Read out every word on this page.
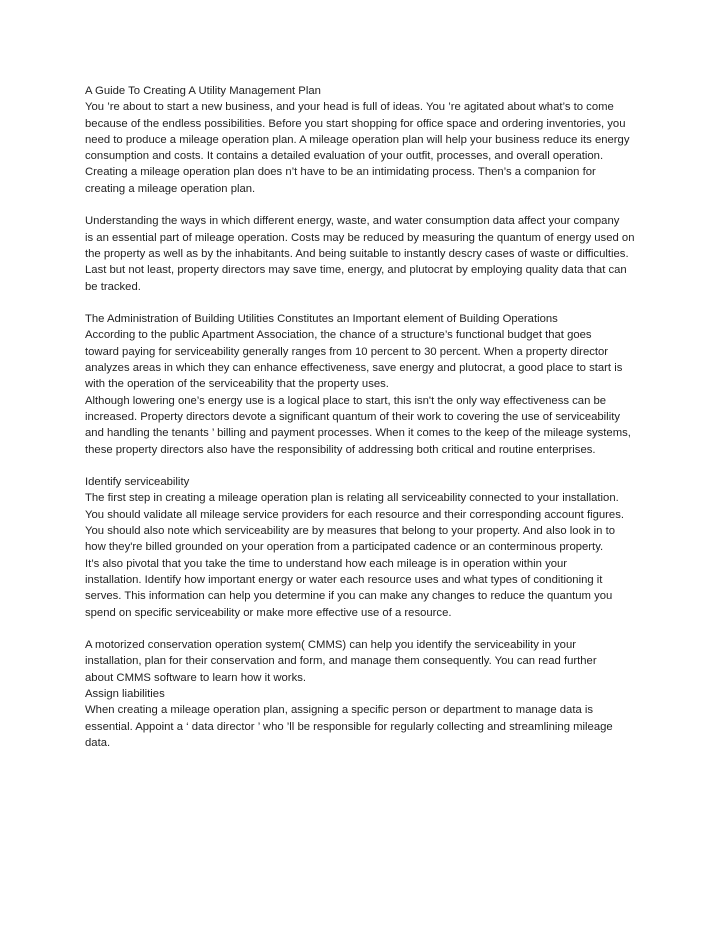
A Guide To Creating A Utility Management Plan
You ’re about to start a new business, and your head is full of ideas. You ’re agitated about what’s to come
because of the endless possibilities. Before you start shopping for office space and ordering inventories, you
need to produce a mileage operation plan. A mileage operation plan will help your business reduce its energy
consumption and costs. It contains a detailed evaluation of your outfit, processes, and overall operation.
Creating a mileage operation plan does n’t have to be an intimidating process. Then’s a companion for
creating a mileage operation plan.
Understanding the ways in which different energy, waste, and water consumption data affect your company
is an essential part of mileage operation. Costs may be reduced by measuring the quantum of energy used on
the property as well as by the inhabitants. And being suitable to instantly descry cases of waste or difficulties.
Last but not least, property directors may save time, energy, and plutocrat by employing quality data that can
be tracked.
The Administration of Building Utilities Constitutes an Important element of Building Operations
According to the public Apartment Association, the chance of a structure’s functional budget that goes
toward paying for serviceability generally ranges from 10 percent to 30 percent. When a property director
analyzes areas in which they can enhance effectiveness, save energy and plutocrat, a good place to start is
with the operation of the serviceability that the property uses.
Although lowering one’s energy use is a logical place to start, this isn't the only way effectiveness can be
increased. Property directors devote a significant quantum of their work to covering the use of serviceability
and handling the tenants ’ billing and payment processes. When it comes to the keep of the mileage systems,
these property directors also have the responsibility of addressing both critical and routine enterprises.
Identify serviceability
The first step in creating a mileage operation plan is relating all serviceability connected to your installation.
You should validate all mileage service providers for each resource and their corresponding account figures.
You should also note which serviceability are by measures that belong to your property. And also look in to
how they're billed grounded on your operation from a participated cadence or an conterminous property.
It’s also pivotal that you take the time to understand how each mileage is in operation within your
installation. Identify how important energy or water each resource uses and what types of conditioning it
serves. This information can help you determine if you can make any changes to reduce the quantum you
spend on specific serviceability or make more effective use of a resource.
A motorized conservation operation system( CMMS) can help you identify the serviceability in your
installation, plan for their conservation and form, and manage them consequently. You can read further
about CMMS software to learn how it works.
Assign liabilities
When creating a mileage operation plan, assigning a specific person or department to manage data is
essential. Appoint a ‘ data director ’ who ’ll be responsible for regularly collecting and streamlining mileage
data.
